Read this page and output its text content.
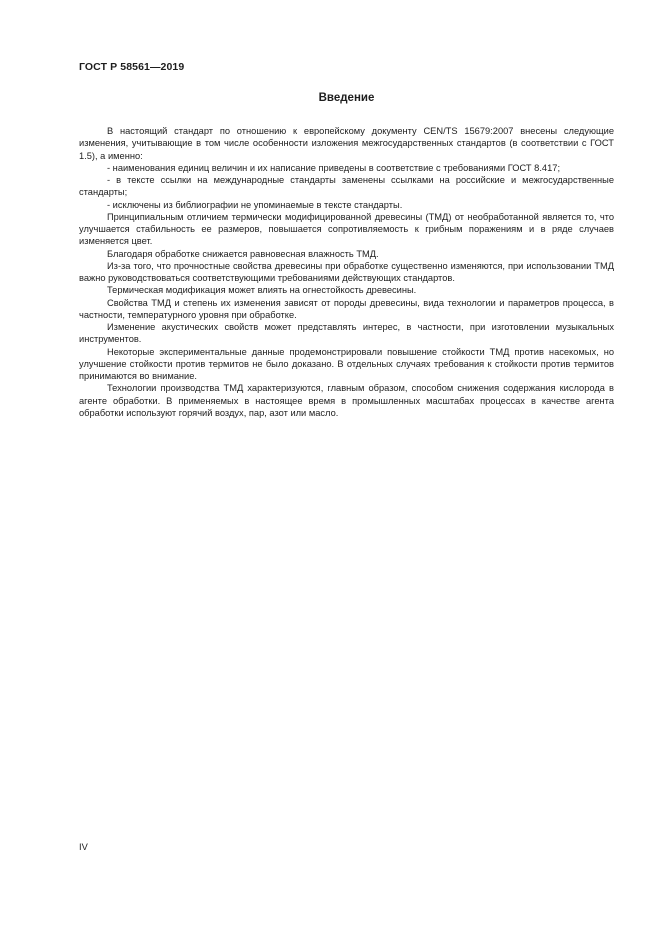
ГОСТ Р 58561—2019
Введение

В настоящий стандарт по отношению к европейскому документу CEN/TS 15679:2007 внесены следующие изменения, учитывающие в том числе особенности изложения межгосударственных стандартов (в соответствии с ГОСТ 1.5), а именно:

- наименования единиц величин и их написание приведены в соответствие с требованиями ГОСТ 8.417;

- в тексте ссылки на международные стандарты заменены ссылками на российские и межгосударственные стандарты;

- исключены из библиографии не упоминаемые в тексте стандарты.

Принципиальным отличием термически модифицированной древесины (ТМД) от необработанной является то, что улучшается стабильность ее размеров, повышается сопротивляемость к грибным поражениям и в ряде случаев изменяется цвет.

Благодаря обработке снижается равновесная влажность ТМД.

Из-за того, что прочностные свойства древесины при обработке существенно изменяются, при использовании ТМД важно руководствоваться соответствующими требованиями действующих стандартов.

Термическая модификация может влиять на огнестойкость древесины.

Свойства ТМД и степень их изменения зависят от породы древесины, вида технологии и параметров процесса, в частности, температурного уровня при обработке.

Изменение акустических свойств может представлять интерес, в частности, при изготовлении музыкальных инструментов.

Некоторые экспериментальные данные продемонстрировали повышение стойкости ТМД против насекомых, но улучшение стойкости против термитов не было доказано. В отдельных случаях требования к стойкости против термитов принимаются во внимание.

Технологии производства ТМД характеризуются, главным образом, способом снижения содержания кислорода в агенте обработки. В применяемых в настоящее время в промышленных масштабах процессах в качестве агента обработки используют горячий воздух, пар, азот или масло.

IV
